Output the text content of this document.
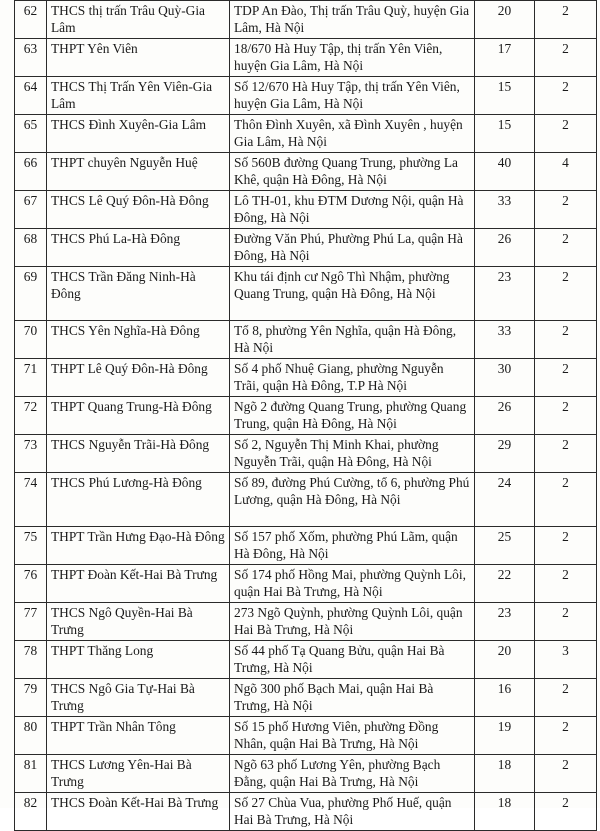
62	THCS thị trấn Trâu Quỳ-Gia Lâm	TDP An Đào, Thị trấn Trâu Quỳ, huyện Gia Lâm, Hà Nội	20	2
63	THPT Yên Viên	18/670 Hà Huy Tập, thị trấn Yên Viên, huyện Gia Lâm, Hà Nội	17	2
64	THCS Thị Trấn Yên Viên-Gia Lâm	Số 12/670 Hà Huy Tập, thị trấn Yên Viên, huyện Gia Lâm, Hà Nội	15	2
65	THCS Đình Xuyên-Gia Lâm	Thôn Đình Xuyên, xã Đình Xuyên , huyện Gia Lâm, Hà Nội	15	2
66	THPT chuyên Nguyễn Huệ	Số 560B đường Quang Trung, phường La Khê, quận Hà Đông, Hà Nội	40	4
67	THCS Lê Quý Đôn-Hà Đông	Lô TH-01, khu ĐTM Dương Nội, quận Hà Đông, Hà Nội	33	2
68	THCS Phú La-Hà Đông	Đường Văn Phú, Phường Phú La, quận Hà Đông, Hà Nội	26	2
69	THCS Trần Đăng Ninh-Hà Đông	Khu tái định cư Ngô Thì Nhậm, phường Quang Trung, quận Hà Đông, Hà Nội	23	2
70	THCS Yên Nghĩa-Hà Đông	Tổ 8, phường Yên Nghĩa, quận Hà Đông, Hà Nội	33	2
71	THPT Lê Quý Đôn-Hà Đông	Số 4 phố Nhuệ Giang, phường Nguyễn Trãi, quận Hà Đông, T.P Hà Nội	30	2
72	THPT Quang Trung-Hà Đông	Ngõ 2 đường Quang Trung, phường Quang Trung, quận Hà Đông, Hà Nội	26	2
73	THCS Nguyễn Trãi-Hà Đông	Số 2, Nguyễn Thị Minh Khai, phường Nguyễn Trãi, quận Hà Đông, Hà Nội	29	2
74	THCS Phú Lương-Hà Đông	Số 89, đường Phú Cường, tổ 6, phường Phú Lương, quận Hà Đông, Hà Nội	24	2
75	THPT Trần Hưng Đạo-Hà Đông	Số 157 phố Xốm, phường Phú Lãm, quận Hà Đông, Hà Nội	25	2
76	THPT Đoàn Kết-Hai Bà Trưng	Số 174 phố Hồng Mai, phường Quỳnh Lôi, quận Hai Bà Trưng, Hà Nội	22	2
77	THCS Ngô Quyền-Hai Bà Trưng	273 Ngõ Quỳnh, phường Quỳnh Lôi, quận Hai Bà Trưng, Hà Nội	23	2
78	THPT Thăng Long	Số 44 phố Tạ Quang Bửu, quận Hai Bà Trưng, Hà Nội	20	3
79	THCS Ngô Gia Tự-Hai Bà Trưng	Ngõ 300 phố Bạch Mai, quận Hai Bà Trưng, Hà Nội	16	2
80	THPT Trần Nhân Tông	Số 15 phố Hương Viên, phường Đồng Nhân, quận Hai Bà Trưng, Hà Nội	19	2
81	THCS Lương Yên-Hai Bà Trưng	Ngõ 63 phố Lương Yên, phường Bạch Đằng, quận Hai Bà Trưng, Hà Nội	18	2
82	THCS Đoàn Kết-Hai Bà Trưng	Số 27 Chùa Vua, phường Phố Huế, quận Hai Bà Trưng, Hà Nội	18	2
